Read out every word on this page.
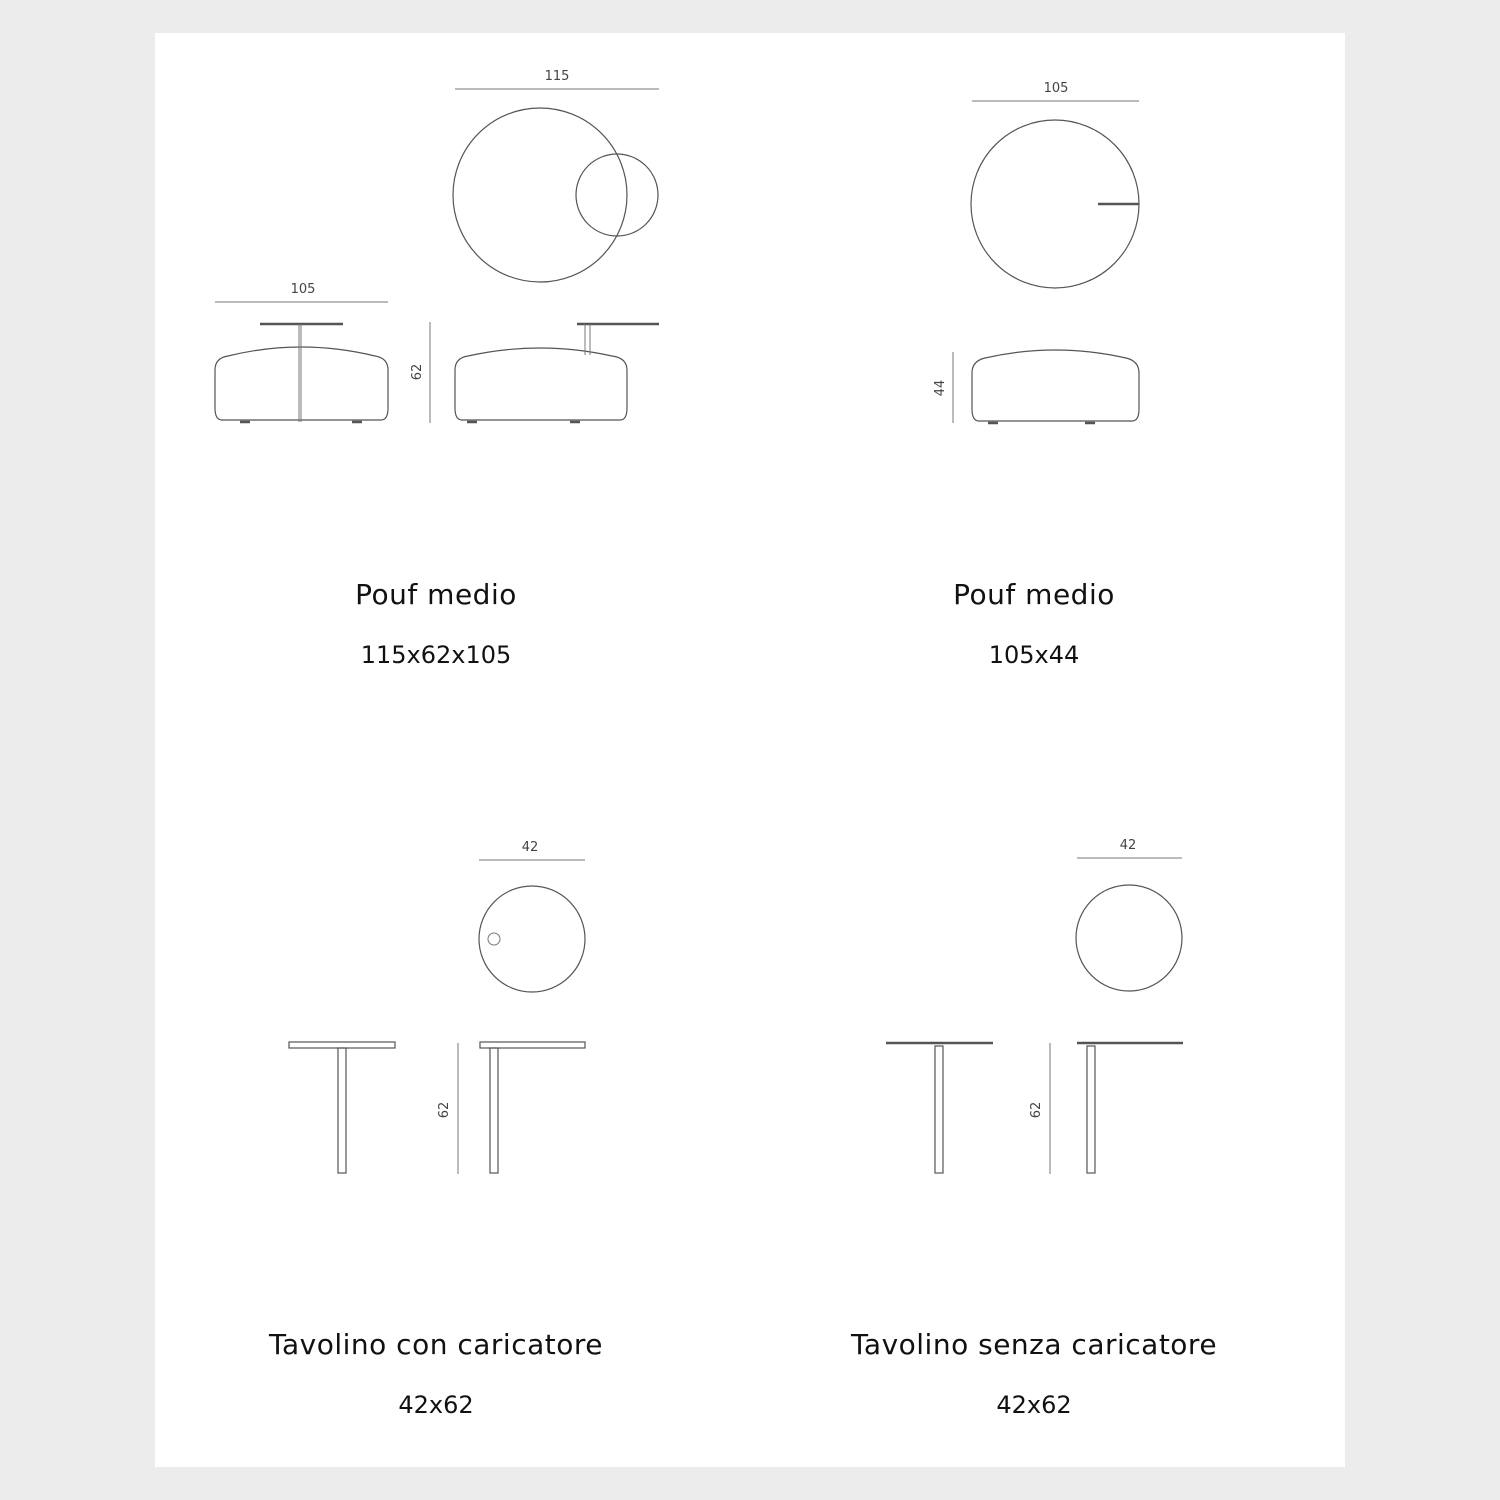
115
105
62
105
44
42
62
42
62
Pouf medio
115x62x105
Pouf medio
105x44
Tavolino con caricatore
42x62
Tavolino senza caricatore
42x62
